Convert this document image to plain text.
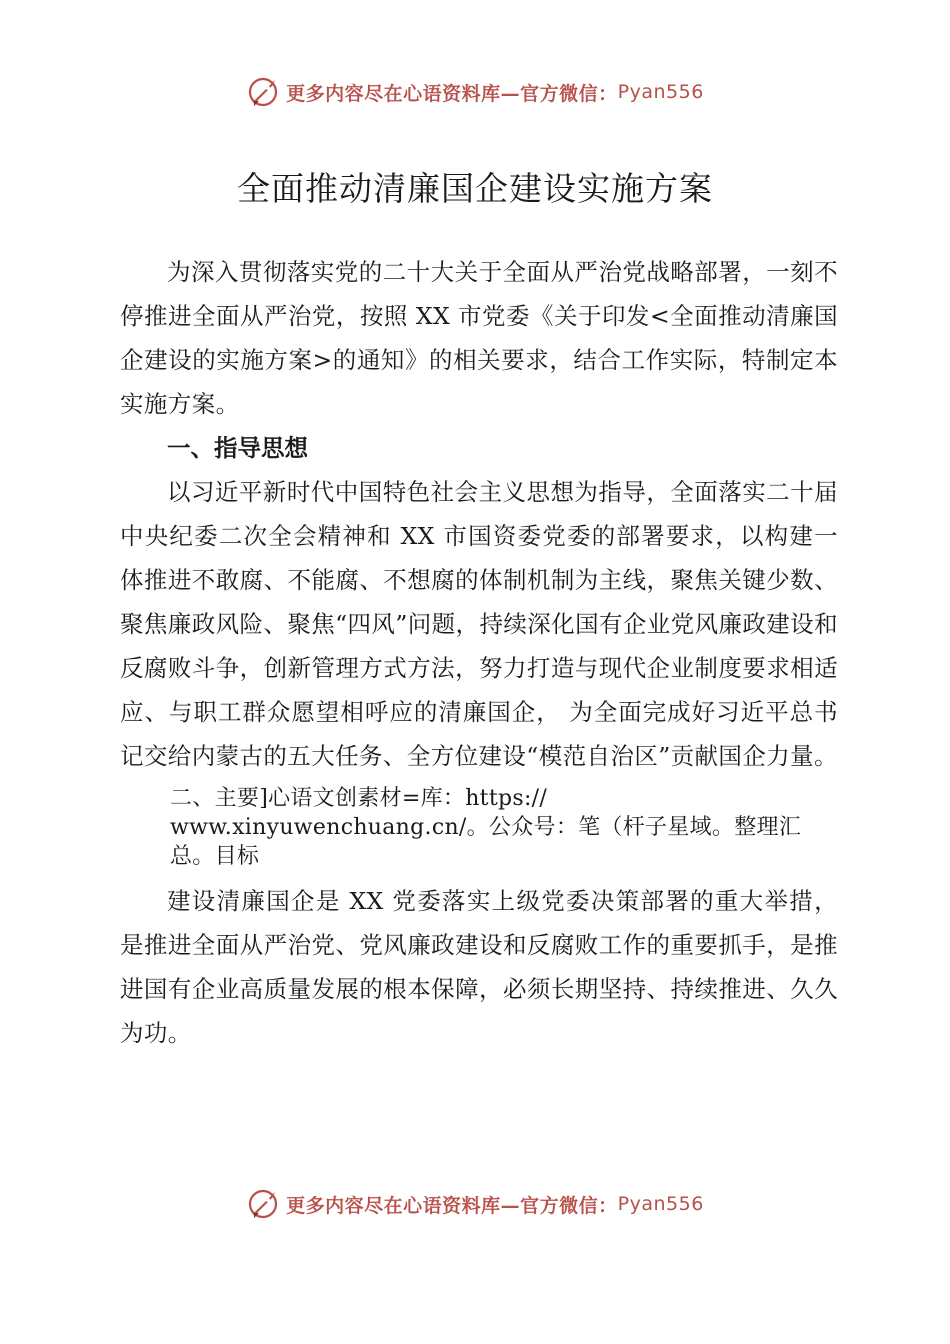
更多内容尽在心语资料库—官方微信： Pyan556
全面推动清廉国企建设实施方案

为深入贯彻落实党的二十大关于全面从严治党战略部署，一刻不停推进全面从严治党，按照 XX 市党委《关于印发<全面推动清廉国企建设的实施方案>的通知》的相关要求，结合工作实际，特制定本实施方案。

一、指导思想

以习近平新时代中国特色社会主义思想为指导，全面落实二十届中央纪委二次全会精神和 XX 市国资委党委的部署要求，以构建一体推进不敢腐、不能腐、不想腐的体制机制为主线，聚焦关键少数、聚焦廉政风险、聚焦“四风”问题，持续深化国有企业党风廉政建设和反腐败斗争，创新管理方式方法，努力打造与现代企业制度要求相适应、与职工群众愿望相呼应的清廉国企， 为全面完成好习近平总书记交给内蒙古的五大任务、全方位建设“模范自治区”贡献国企力量。

二、主要]心语文创素材=库：https://
www.xinyuwenchuang.cn/。公众号：笔（杆子星域。整理汇
总。目标

建设清廉国企是 XX 党委落实上级党委决策部署的重大举措，是推进全面从严治党、党风廉政建设和反腐败工作的重要抓手，是推进国有企业高质量发展的根本保障，必须长期坚持、持续推进、久久为功。

更多内容尽在心语资料库—官方微信： Pyan556
